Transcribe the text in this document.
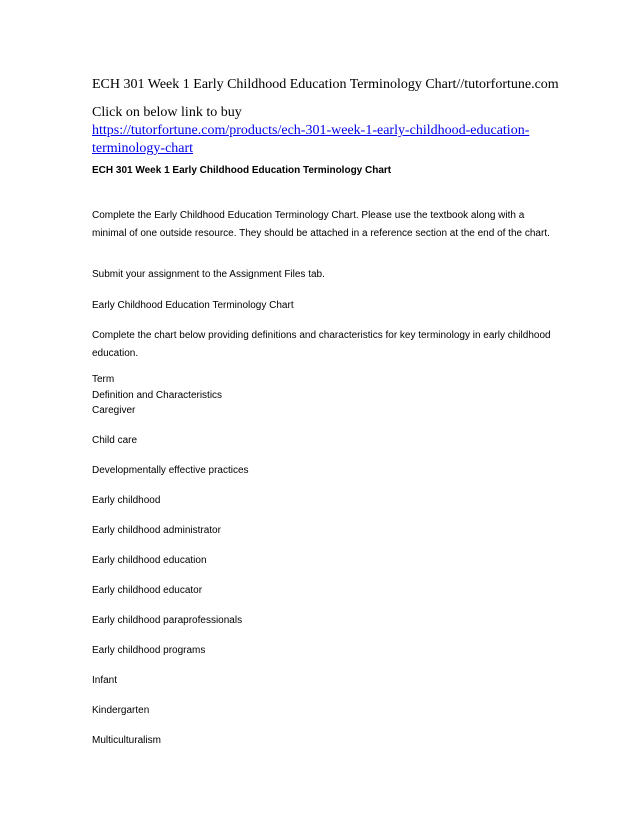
ECH 301 Week 1 Early Childhood Education Terminology Chart//tutorfortune.com
Click on below link to buy
https://tutorfortune.com/products/ech-301-week-1-early-childhood-education-terminology-chart
ECH 301 Week 1 Early Childhood Education Terminology Chart
Complete the Early Childhood Education Terminology Chart. Please use the textbook along with a minimal of one outside resource. They should be attached in a reference section at the end of the chart.
Submit your assignment to the Assignment Files tab.
Early Childhood Education Terminology Chart
Complete the chart below providing definitions and characteristics for key terminology in early childhood education.
Term
Definition and Characteristics
Caregiver
Child care
Developmentally effective practices
Early childhood
Early childhood administrator
Early childhood education
Early childhood educator
Early childhood paraprofessionals
Early childhood programs
Infant
Kindergarten
Multiculturalism
